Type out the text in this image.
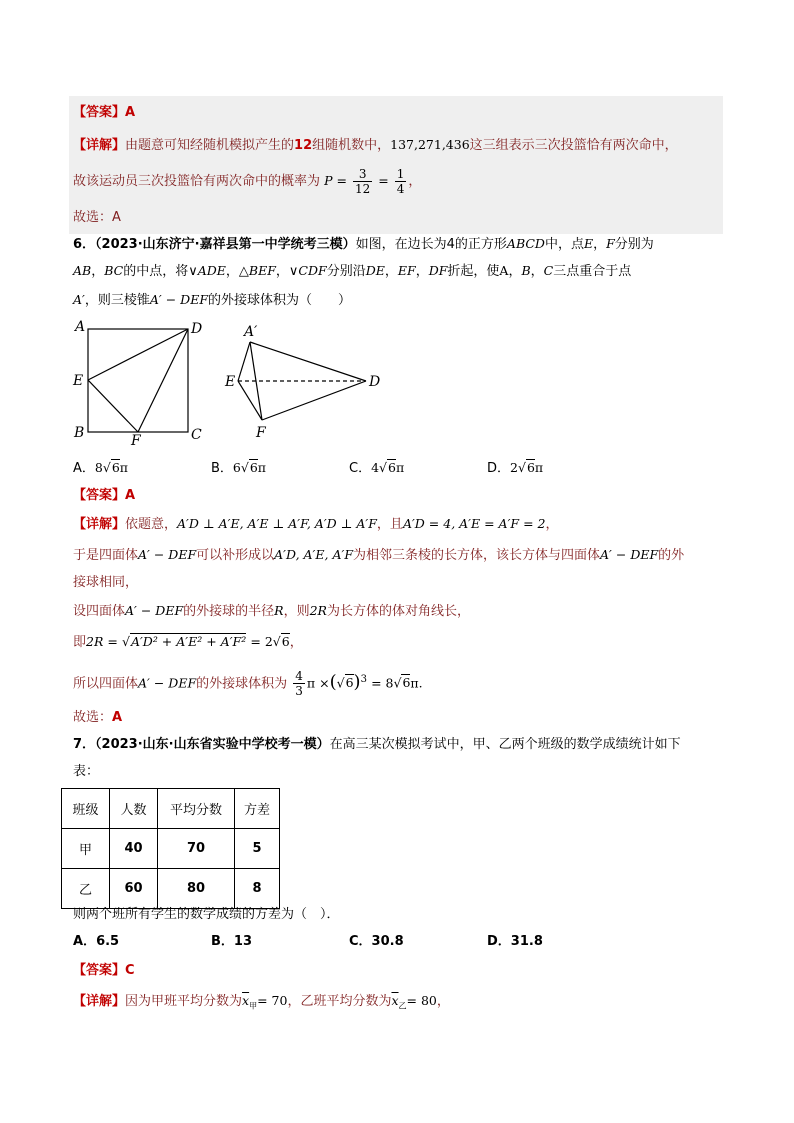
【答案】A
【详解】由题意可知经随机模拟产生的12组随机数中，137,271,436这三组表示三次投篮恰有两次命中，
故该运动员三次投篮恰有两次命中的概率为 $P = \frac{3}{12} = \frac{1}{4}$ ，
故选：A
6．（2023·山东济宁·嘉祥县第一中学统考三模）如图，在边长为4的正方形ABCD中，点E，F分别为
AB，BC的中点，将∨ADE，△BEF，∨CDF分别沿DE，EF，DF折起，使A，B，C三点重合于点
A′，则三棱锥A′ − DEF的外接球体积为（　　）
A	D
E
B	C
F
A′
E	D
F
A．8√6π	B．6√6π	C．4√6π	D．2√6π
【答案】A
【详解】依题意，A′D ⊥ A′E, A′E ⊥ A′F, A′D ⊥ A′F，且A′D = 4, A′E = A′F = 2，
于是四面体A′ − DEF可以补形成以A′D, A′E, A′F为相邻三条棱的长方体，该长方体与四面体A′ − DEF的外
接球相同，
设四面体A′ − DEF的外接球的半径R，则2R为长方体的体对角线长，
即2R = √A′D² + A′E² + A′F² = 2√6，
所以四面体A′ − DEF的外接球体积为 $\frac{4}{3}$ $\pi \times(√6)^3 = 8√6\pi$.
故选：A
7．（2023·山东·山东省实验中学校考一模）在高三某次模拟考试中，甲、乙两个班级的数学成绩统计如下
表：
班级	人数	平均分数	方差
甲	40	70	5
乙	60	80	8
则两个班所有学生的数学成绩的方差为（　）．
A．6.5	B．13	C．30.8	D．31.8
【答案】C
【详解】因为甲班平均分数为$\overline{x}_甲= 70$，乙班平均分数为$\overline{x}_乙= 80$，
